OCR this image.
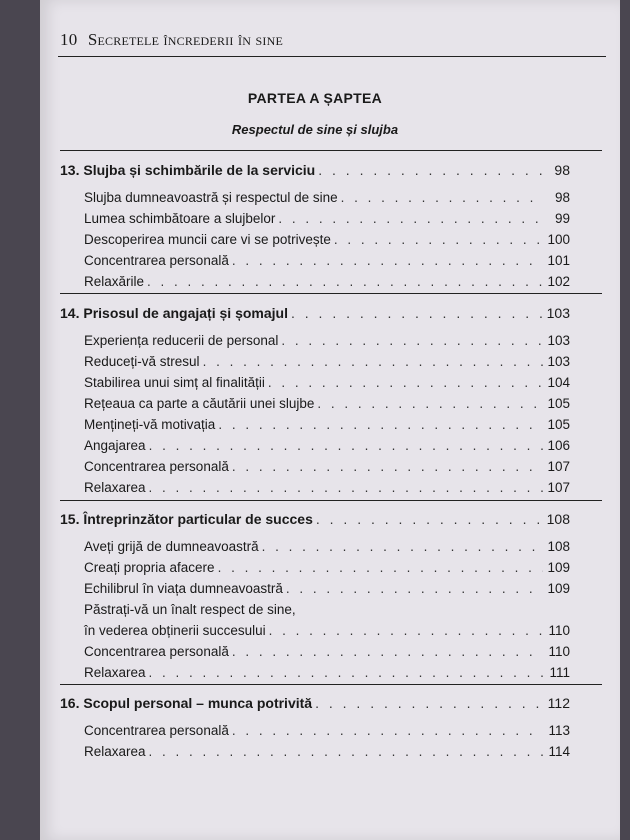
10 Secretele încrederii în sine
PARTEA A ȘAPTEA
Respectul de sine și slujba
13. Slujba și schimbările de la serviciu . . .	98
Slujba dumneavoastră și respectul de sine . . .	98
Lumea schimbătoare a slujbelor . . .	99
Descoperirea muncii care vi se potrivește . . .	100
Concentrarea personală . . .	101
Relaxările . . .	102
14. Prisosul de angajați și șomajul . . .	103
Experiența reducerii de personal . . .	103
Reduceți-vă stresul . . .	103
Stabilirea unui simț al finalității . . .	104
Rețeaua ca parte a căutării unei slujbe . . .	105
Mențineți-vă motivația . . .	105
Angajarea . . .	106
Concentrarea personală . . .	107
Relaxarea . . .	107
15. Întreprinzător particular de succes . . .	108
Aveți grijă de dumneavoastră . . .	108
Creați propria afacere . . .	109
Echilibrul în viața dumneavoastră . . .	109
Păstrați-vă un înalt respect de sine,
în vederea obținerii succesului . . .	110
Concentrarea personală . . .	110
Relaxarea . . .	111
16. Scopul personal – munca potrivită . . .	112
Concentrarea personală . . .	113
Relaxarea . . .	114
